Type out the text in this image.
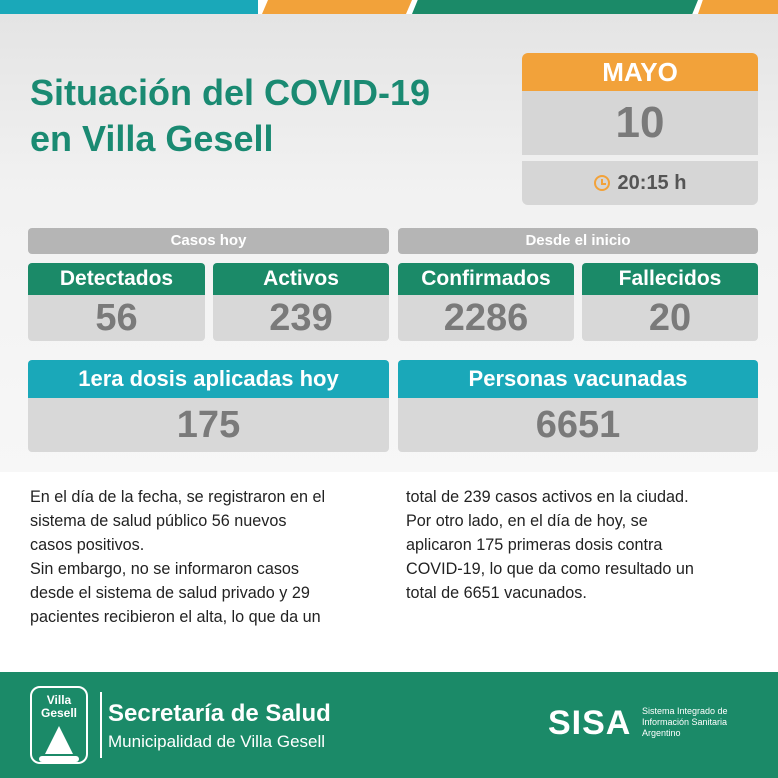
Situación del COVID-19 en Villa Gesell
MAYO
10
20:15 h
Casos hoy	Desde el inicio
Detectados
56
Activos
239
Confirmados
2286
Fallecidos
20
1era dosis aplicadas hoy
175
Personas vacunadas
6651

En el día de la fecha, se registraron en el
sistema de salud público 56 nuevos
casos positivos.
Sin embargo, no se informaron casos
desde el sistema de salud privado y 29
pacientes recibieron el alta, lo que da un

total de 239 casos activos en la ciudad.
Por otro lado, en el día de hoy, se
aplicaron 175 primeras dosis contra
COVID-19, lo que da como resultado un
total de 6651 vacunados.

Villa Gesell	Secretaría de Salud
Municipalidad de Villa Gesell	SISA Sistema Integrado de Información Sanitaria Argentino
